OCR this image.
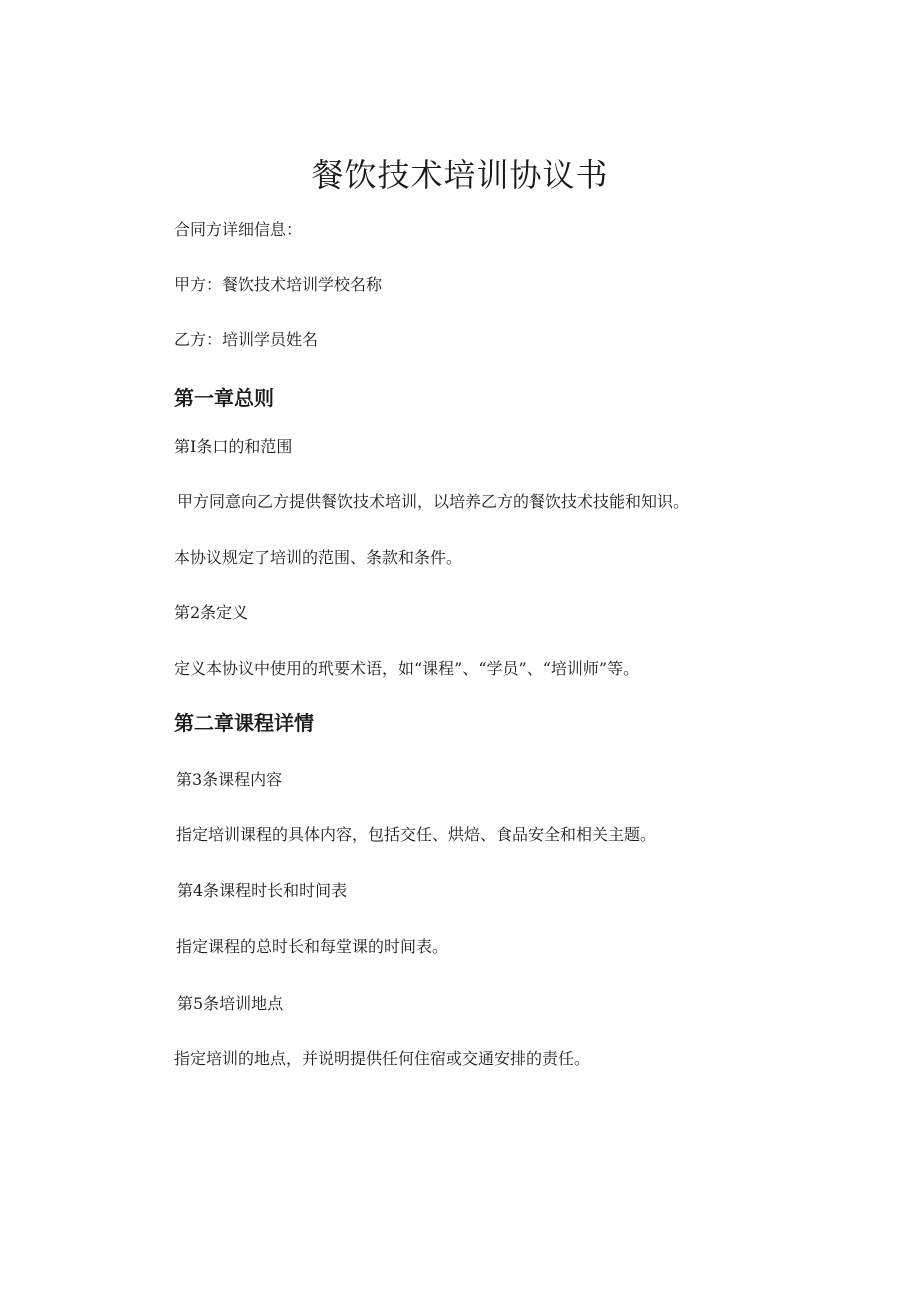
餐饮技术培训协议书

合同方详细信息：

甲方：餐饮技术培训学校名称

乙方：培训学员姓名

第一章总则

第I条口的和范围

甲方同意向乙方提供餐饮技术培训，以培养乙方的餐饮技术技能和知识。

本协议规定了培训的范围、条款和条件。

第2条定义

定义本协议中使用的玳要术语，如“课程”、“学员”、“培训师”等。

第二章课程详情

第3条课程内容

指定培训课程的具体内容，包括交任、烘焙、食品安全和相关主题。

第4条课程时长和时间表

指定课程的总时长和每堂课的时间表。

第5条培训地点

指定培训的地点，并说明提供任何住宿或交通安排的责任。
